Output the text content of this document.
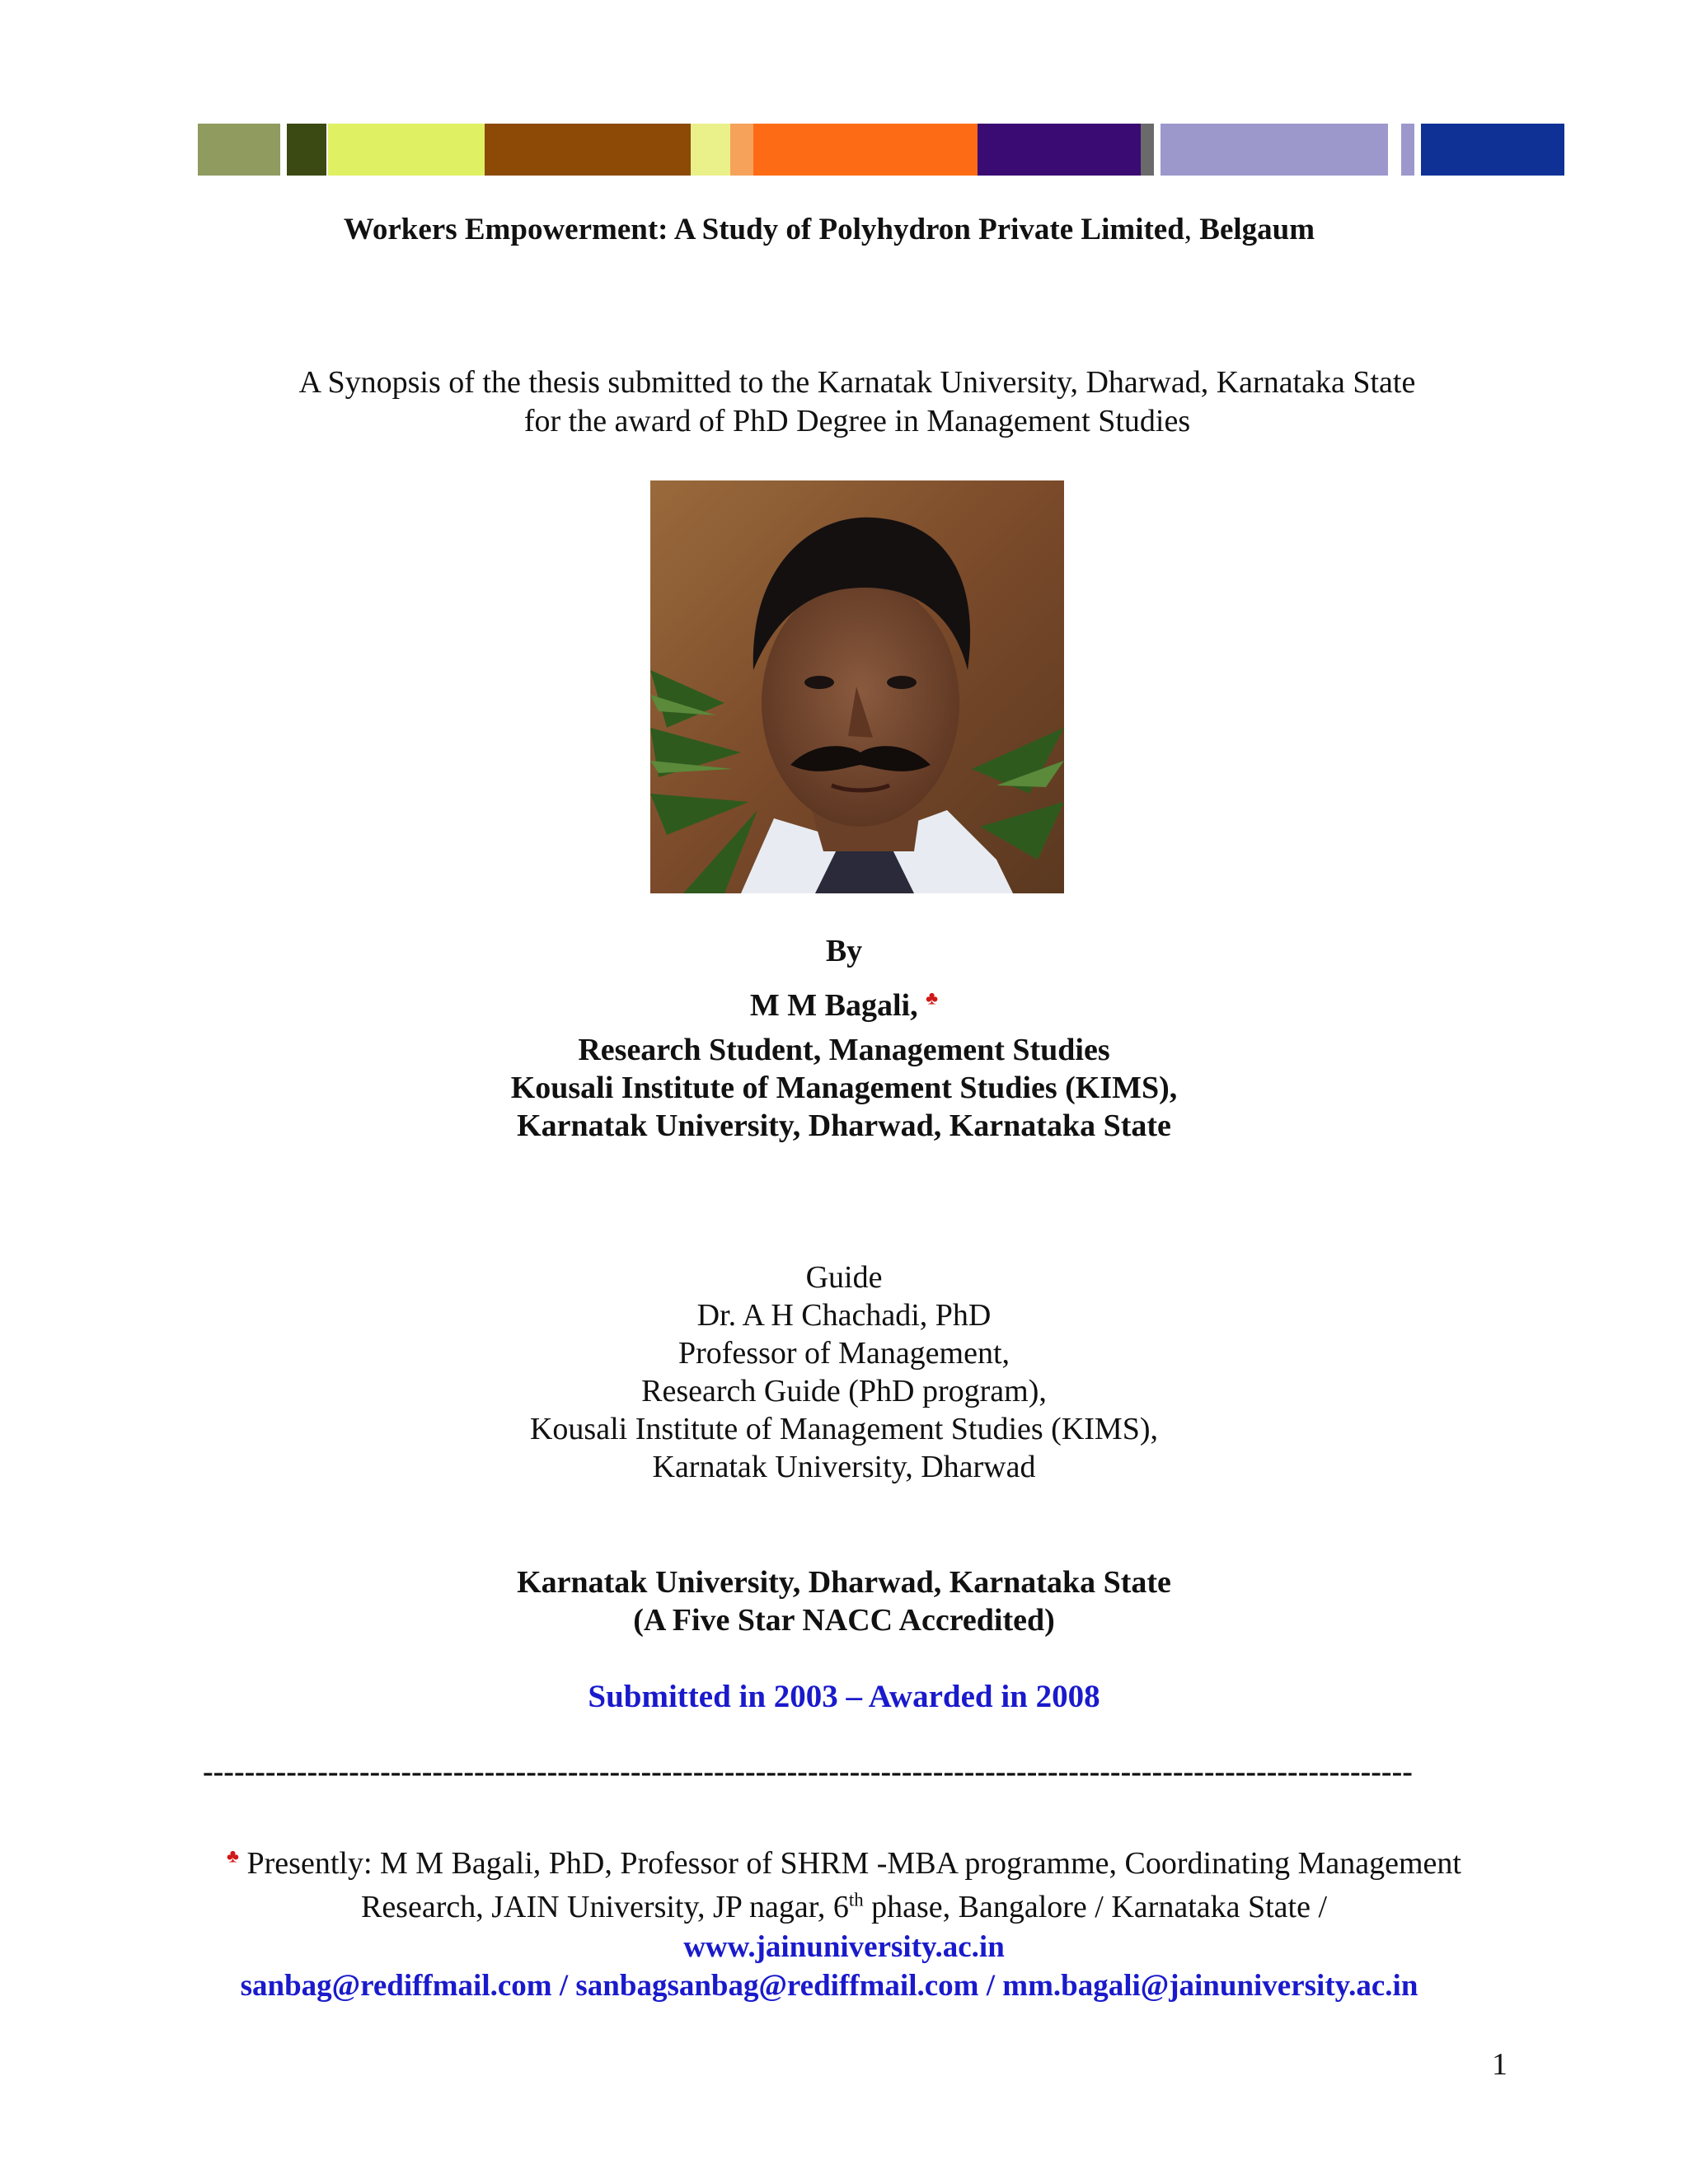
Workers Empowerment: A Study of Polyhydron Private Limited, Belgaum
A Synopsis of the thesis submitted to the Karnatak University, Dharwad, Karnataka State
for the award of PhD Degree in Management Studies
By
M M Bagali, ♣
Research Student, Management Studies
Kousali Institute of Management Studies (KIMS),
Karnatak University, Dharwad, Karnataka State
Guide
Dr. A H Chachadi, PhD
Professor of Management,
Research Guide (PhD program),
Kousali Institute of Management Studies (KIMS),
Karnatak University, Dharwad
Karnatak University, Dharwad, Karnataka State
(A Five Star NACC Accredited)
Submitted in 2003 – Awarded in 2008
--------------------------------------------------------------------------------------------------------------------
♣ Presently: M M Bagali, PhD, Professor of SHRM -MBA programme, Coordinating Management
Research, JAIN University, JP nagar, 6th phase, Bangalore / Karnataka State /
www.jainuniversity.ac.in
sanbag@rediffmail.com / sanbagsanbag@rediffmail.com / mm.bagali@jainuniversity.ac.in
1
